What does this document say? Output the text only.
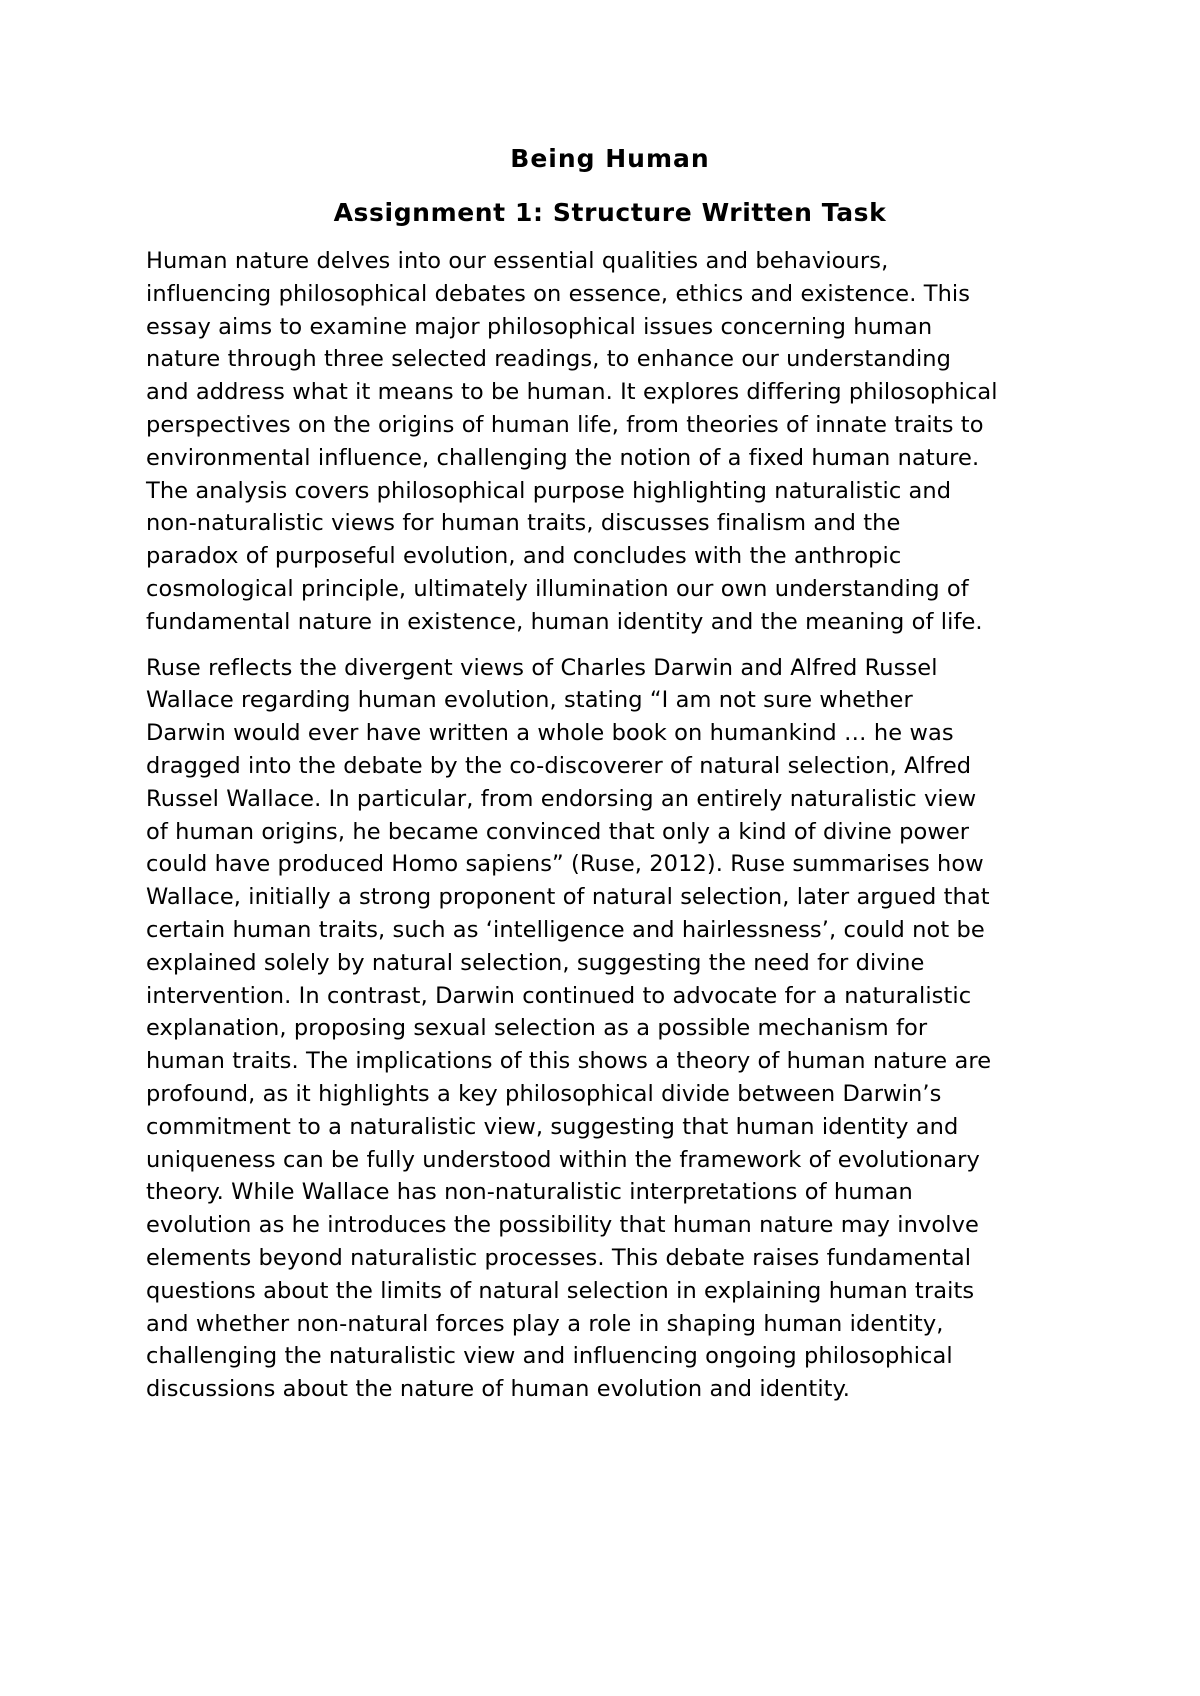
Being Human
Assignment 1: Structure Written Task

Human nature delves into our essential qualities and behaviours,
influencing philosophical debates on essence, ethics and existence. This
essay aims to examine major philosophical issues concerning human
nature through three selected readings, to enhance our understanding
and address what it means to be human. It explores differing philosophical
perspectives on the origins of human life, from theories of innate traits to
environmental influence, challenging the notion of a fixed human nature.
The analysis covers philosophical purpose highlighting naturalistic and
non-naturalistic views for human traits, discusses finalism and the
paradox of purposeful evolution, and concludes with the anthropic
cosmological principle, ultimately illumination our own understanding of
fundamental nature in existence, human identity and the meaning of life.

Ruse reflects the divergent views of Charles Darwin and Alfred Russel
Wallace regarding human evolution, stating “I am not sure whether
Darwin would ever have written a whole book on humankind … he was
dragged into the debate by the co-discoverer of natural selection, Alfred
Russel Wallace. In particular, from endorsing an entirely naturalistic view
of human origins, he became convinced that only a kind of divine power
could have produced Homo sapiens” (Ruse, 2012). Ruse summarises how
Wallace, initially a strong proponent of natural selection, later argued that
certain human traits, such as ‘intelligence and hairlessness’, could not be
explained solely by natural selection, suggesting the need for divine
intervention. In contrast, Darwin continued to advocate for a naturalistic
explanation, proposing sexual selection as a possible mechanism for
human traits. The implications of this shows a theory of human nature are
profound, as it highlights a key philosophical divide between Darwin’s
commitment to a naturalistic view, suggesting that human identity and
uniqueness can be fully understood within the framework of evolutionary
theory. While Wallace has non-naturalistic interpretations of human
evolution as he introduces the possibility that human nature may involve
elements beyond naturalistic processes. This debate raises fundamental
questions about the limits of natural selection in explaining human traits
and whether non-natural forces play a role in shaping human identity,
challenging the naturalistic view and influencing ongoing philosophical
discussions about the nature of human evolution and identity.
